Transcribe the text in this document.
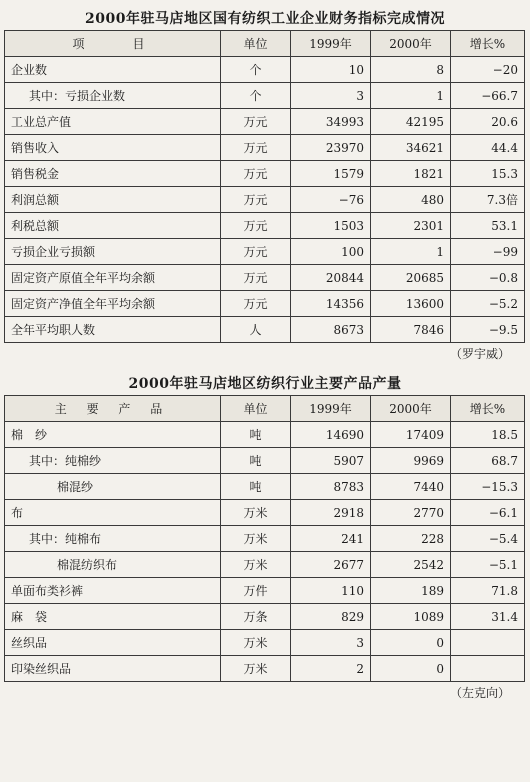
2000年驻马店地区国有纺织工业企业财务指标完成情况
项　　目	单位	1999年	2000年	增长%
企业数	个	10	8	−20
其中：亏损企业数	个	3	1	−66.7
工业总产值	万元	34993	42195	20.6
销售收入	万元	23970	34621	44.4
销售税金	万元	1579	1821	15.3
利润总额	万元	−76	480	7.3倍
利税总额	万元	1503	2301	53.1
亏损企业亏损额	万元	100	1	−99
固定资产原值全年平均余额	万元	20844	20685	−0.8
固定资产净值全年平均余额	万元	14356	13600	−5.2
全年平均职人数	人	8673	7846	−9.5
（罗宇威）
2000年驻马店地区纺织行业主要产品产量
主 要 产 品	单位	1999年	2000年	增长%
棉　纱	吨	14690	17409	18.5
其中：纯棉纱	吨	5907	9969	68.7
棉混纱	吨	8783	7440	−15.3
布	万米	2918	2770	−6.1
其中：纯棉布	万米	241	228	−5.4
棉混纺织布	万米	2677	2542	−5.1
单面布类衫裤	万件	110	189	71.8
麻　袋	万条	829	1089	31.4
丝织品	万米	3	0	
印染丝织品	万米	2	0	
（左克向）
